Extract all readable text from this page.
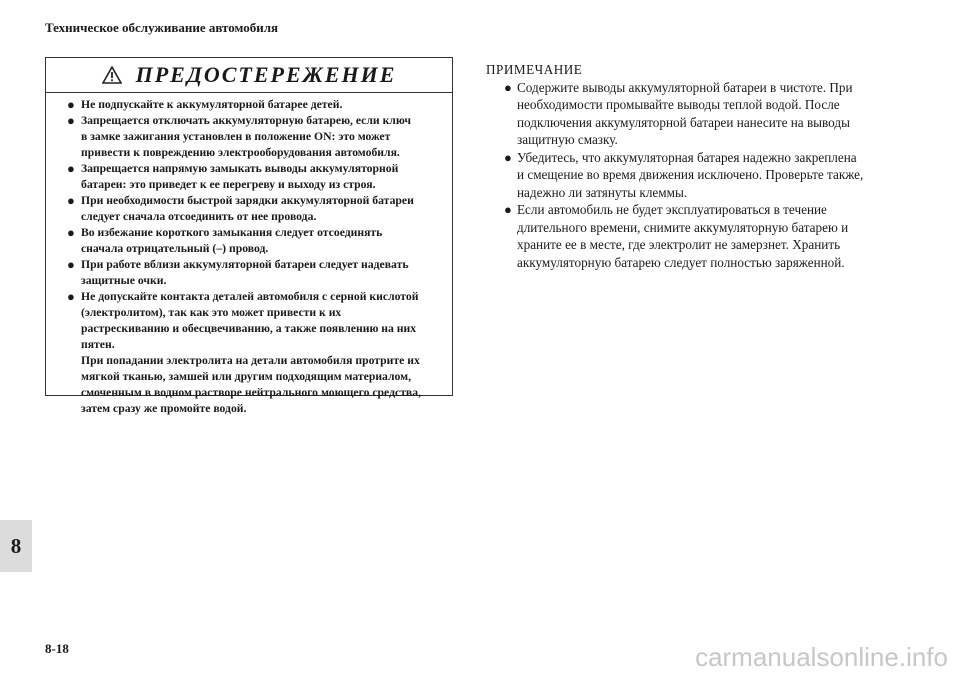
Техническое обслуживание автомобиля
ПРЕДОСТЕРЕЖЕНИЕ
● Не подпускайте к аккумуляторной батарее детей.
● Запрещается отключать аккумуляторную батарею, если ключ
в замке зажигания установлен в положение ON: это может
привести к повреждению электрооборудования автомобиля.
● Запрещается напрямую замыкать выводы аккумуляторной
батареи: это приведет к ее перегреву и выходу из строя.
● При необходимости быстрой зарядки аккумуляторной батареи
следует сначала отсоединить от нее провода.
● Во избежание короткого замыкания следует отсоединять
сначала отрицательный (–) провод.
● При работе вблизи аккумуляторной батареи следует надевать
защитные очки.
● Не допускайте контакта деталей автомобиля с серной кислотой
(электролитом), так как это может привести к их
растрескиванию и обесцвечиванию, а также появлению на них
пятен.
При попадании электролита на детали автомобиля протрите их
мягкой тканью, замшей или другим подходящим материалом,
смоченным в водном растворе нейтрального моющего средства,
затем сразу же промойте водой.
ПРИМЕЧАНИЕ
● Содержите выводы аккумуляторной батареи в чистоте. При
необходимости промывайте выводы теплой водой. После
подключения аккумуляторной батареи нанесите на выводы
защитную смазку.
● Убедитесь, что аккумуляторная батарея надежно закреплена
и смещение во время движения исключено. Проверьте также,
надежно ли затянуты клеммы.
● Если автомобиль не будет эксплуатироваться в течение
длительного времени, снимите аккумуляторную батарею и
храните ее в месте, где электролит не замерзнет. Хранить
аккумуляторную батарею следует полностью заряженной.
8
8-18	carmanualsonline.info
